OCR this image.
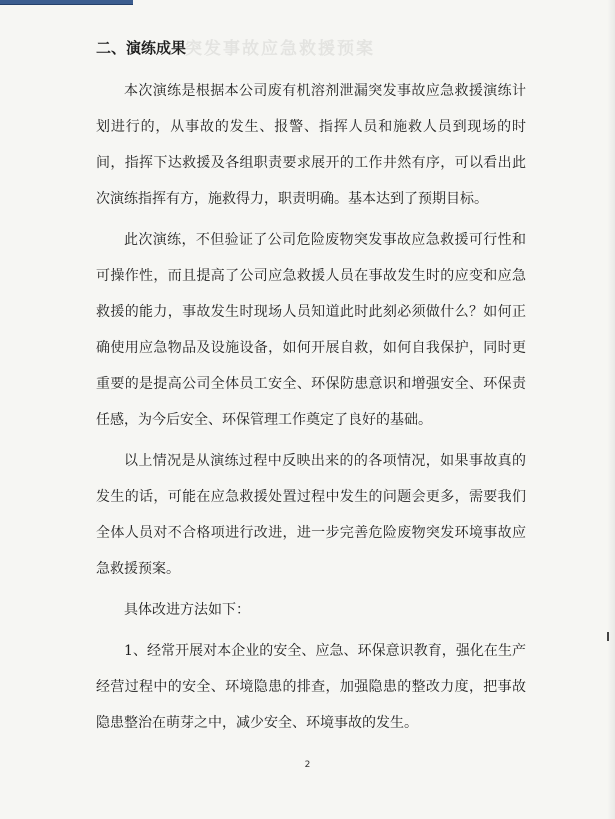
突发事故应急救援预案
二、演练成果

本次演练是根据本公司废有机溶剂泄漏突发事故应急救援演练计划进行的，从事故的发生、报警、指挥人员和施救人员到现场的时间，指挥下达救援及各组职责要求展开的工作井然有序，可以看出此次演练指挥有方，施救得力，职责明确。基本达到了预期目标。

此次演练，不但验证了公司危险废物突发事故应急救援可行性和可操作性，而且提高了公司应急救援人员在事故发生时的应变和应急救援的能力，事故发生时现场人员知道此时此刻必须做什么？如何正确使用应急物品及设施设备，如何开展自救，如何自我保护，同时更重要的是提高公司全体员工安全、环保防患意识和增强安全、环保责任感，为今后安全、环保管理工作奠定了良好的基础。

以上情况是从演练过程中反映出来的的各项情况，如果事故真的发生的话，可能在应急救援处置过程中发生的问题会更多，需要我们全体人员对不合格项进行改进，进一步完善危险废物突发环境事故应急救援预案。

具体改进方法如下：

1、经常开展对本企业的安全、应急、环保意识教育，强化在生产经营过程中的安全、环境隐患的排查，加强隐患的整改力度，把事故隐患整治在萌芽之中，减少安全、环境事故的发生。

2
